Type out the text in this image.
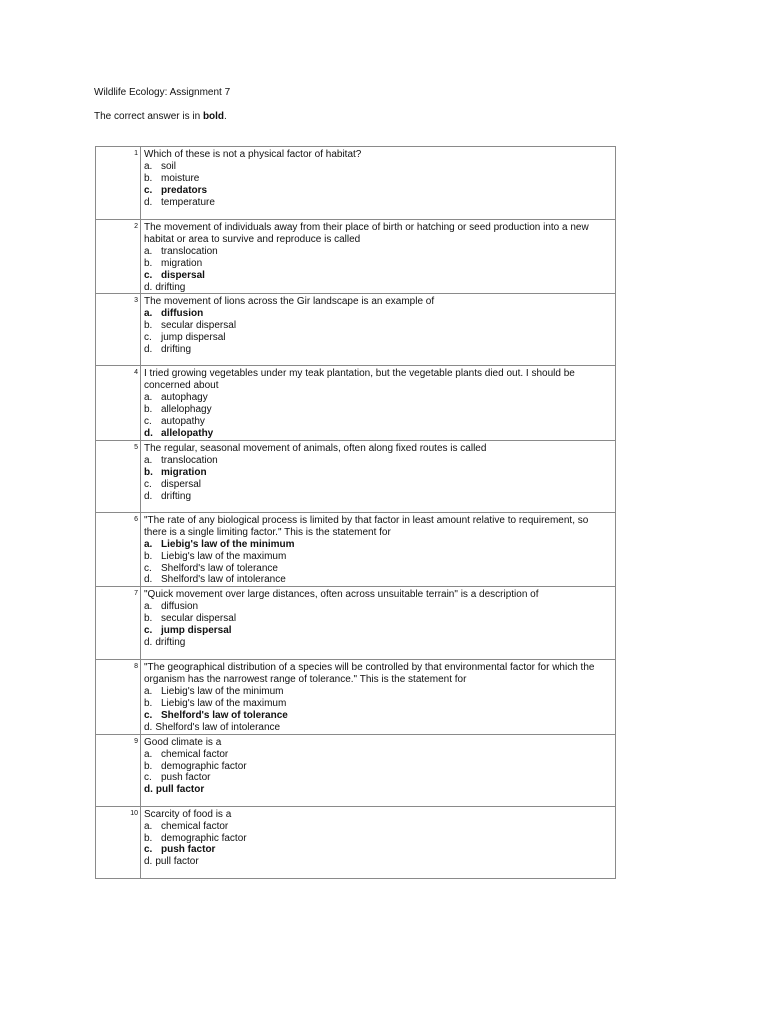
Wildlife Ecology: Assignment 7
The correct answer is in bold.
1	Which of these is not a physical factor of habitat?
a. soil
b. moisture
c. predators
d. temperature

2	The movement of individuals away from their place of birth or hatching or seed production into a new habitat or area to survive and reproduce is called
a. translocation
b. migration
c. dispersal
d. drifting

3	The movement of lions across the Gir landscape is an example of
a. diffusion
b. secular dispersal
c. jump dispersal
d. drifting

4	I tried growing vegetables under my teak plantation, but the vegetable plants died out. I should be concerned about
a. autophagy
b. allelophagy
c. autopathy
d. allelopathy

5	The regular, seasonal movement of animals, often along fixed routes is called
a. translocation
b. migration
c. dispersal
d. drifting

6	"The rate of any biological process is limited by that factor in least amount relative to requirement, so there is a single limiting factor." This is the statement for
a. Liebig's law of the minimum
b. Liebig's law of the maximum
c. Shelford's law of tolerance
d. Shelford's law of intolerance

7	"Quick movement over large distances, often across unsuitable terrain" is a description of
a. diffusion
b. secular dispersal
c. jump dispersal
d. drifting

8	"The geographical distribution of a species will be controlled by that environmental factor for which the organism has the narrowest range of tolerance." This is the statement for
a. Liebig's law of the minimum
b. Liebig's law of the maximum
c. Shelford's law of tolerance
d. Shelford's law of intolerance

9	Good climate is a
a. chemical factor
b. demographic factor
c. push factor
d. pull factor

10	Scarcity of food is a
a. chemical factor
b. demographic factor
c. push factor
d. pull factor
